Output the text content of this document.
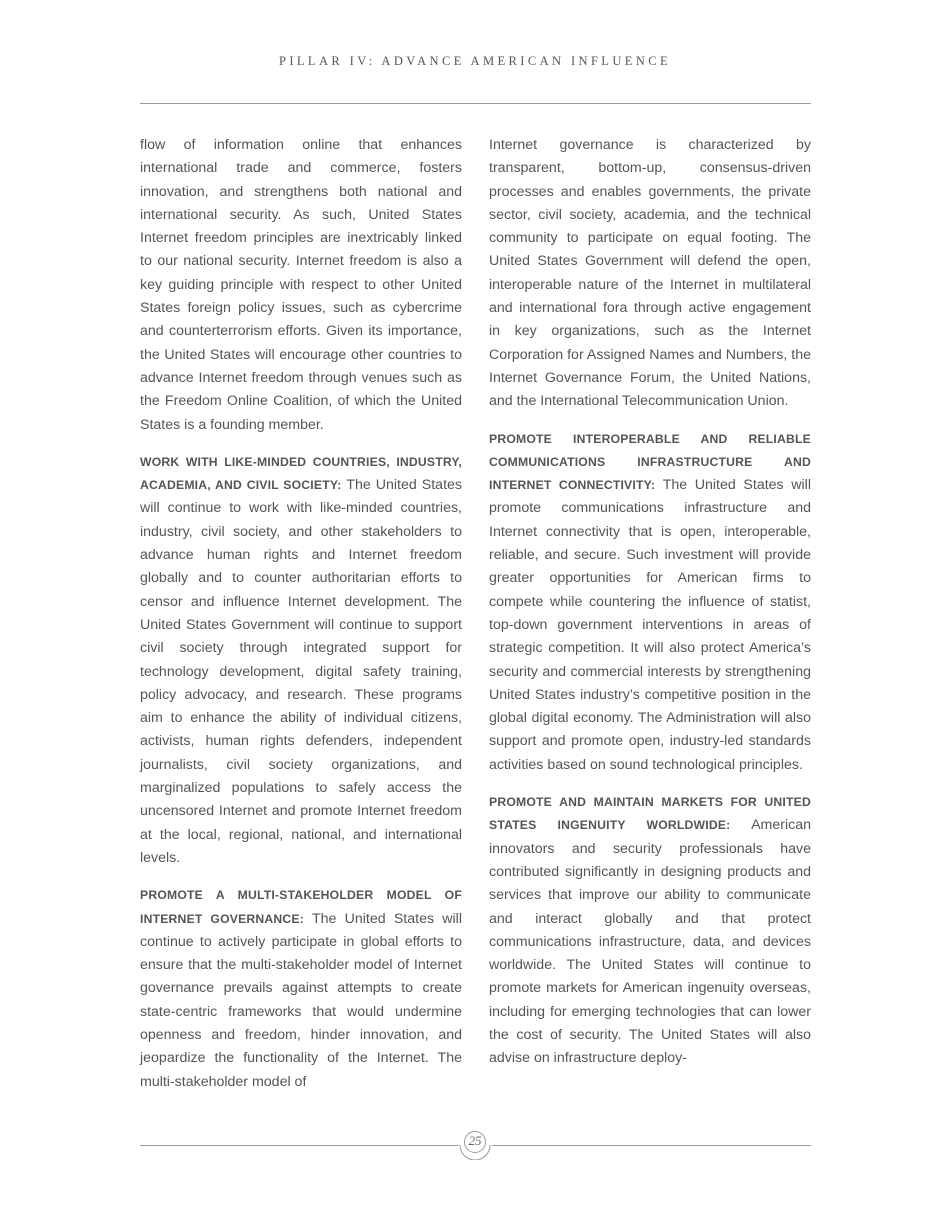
PILLAR IV: ADVANCE AMERICAN INFLUENCE

flow of information online that enhances international trade and commerce, fosters innovation, and strengthens both national and international security. As such, United States Internet freedom principles are inextricably linked to our national security. Internet freedom is also a key guiding principle with respect to other United States foreign policy issues, such as cybercrime and counterterrorism efforts. Given its importance, the United States will encourage other countries to advance Internet freedom through venues such as the Freedom Online Coalition, of which the United States is a founding member.

WORK WITH LIKE-MINDED COUNTRIES, INDUSTRY, ACADEMIA, AND CIVIL SOCIETY: The United States will continue to work with like-minded countries, industry, civil society, and other stakeholders to advance human rights and Internet freedom globally and to counter authoritarian efforts to censor and influence Internet development. The United States Government will continue to support civil society through integrated support for technology development, digital safety training, policy advocacy, and research. These programs aim to enhance the ability of individual citizens, activists, human rights defenders, independent journalists, civil society organizations, and marginalized populations to safely access the uncensored Internet and promote Internet freedom at the local, regional, national, and international levels.

PROMOTE A MULTI-STAKEHOLDER MODEL OF INTERNET GOVERNANCE: The United States will continue to actively participate in global efforts to ensure that the multi-stakeholder model of Internet governance prevails against attempts to create state-centric frameworks that would undermine openness and freedom, hinder innovation, and jeopardize the functionality of the Internet. The multi-stakeholder model of

Internet governance is characterized by transparent, bottom-up, consensus-driven processes and enables governments, the private sector, civil society, academia, and the technical community to participate on equal footing. The United States Government will defend the open, interoperable nature of the Internet in multilateral and international fora through active engagement in key organizations, such as the Internet Corporation for Assigned Names and Numbers, the Internet Governance Forum, the United Nations, and the International Telecommunication Union.

PROMOTE INTEROPERABLE AND RELIABLE COMMUNICATIONS INFRASTRUCTURE AND INTERNET CONNECTIVITY: The United States will promote communications infrastructure and Internet connectivity that is open, interoperable, reliable, and secure. Such investment will provide greater opportunities for American firms to compete while countering the influence of statist, top-down government interventions in areas of strategic competition. It will also protect America’s security and commercial interests by strengthening United States industry’s competitive position in the global digital economy. The Administration will also support and promote open, industry-led standards activities based on sound technological principles.

PROMOTE AND MAINTAIN MARKETS FOR UNITED STATES INGENUITY WORLDWIDE: American innovators and security professionals have contributed significantly in designing products and services that improve our ability to communicate and interact globally and that protect communications infrastructure, data, and devices worldwide. The United States will continue to promote markets for American ingenuity overseas, including for emerging technologies that can lower the cost of security. The United States will also advise on infrastructure deploy-

25
